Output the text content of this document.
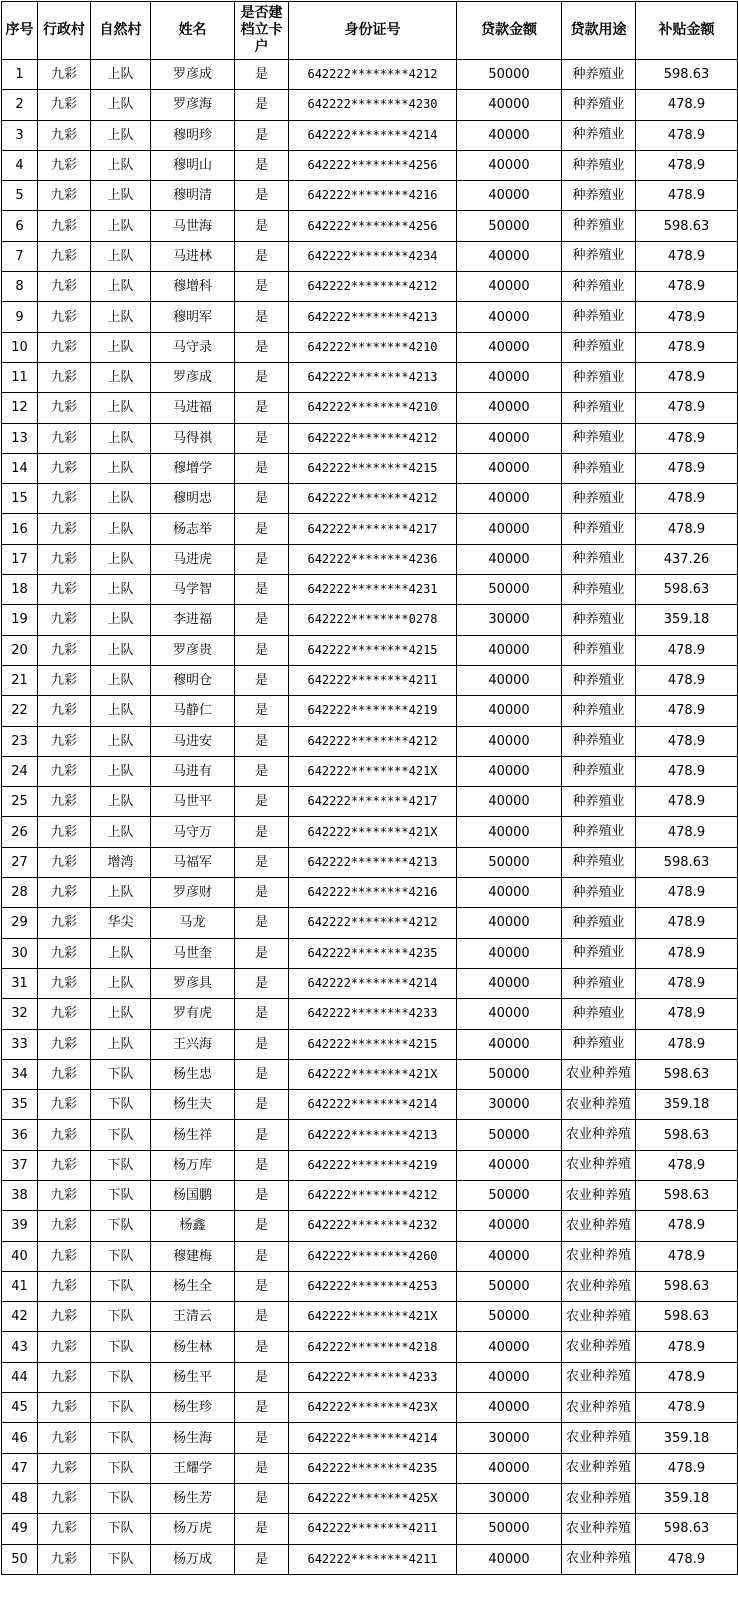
序号	行政村	自然村	姓名	是否建档立卡户	身份证号	贷款金额	贷款用途	补贴金额
1	九彩	上队	罗彦成	是	642222********4212	50000	种养殖业	598.63
2	九彩	上队	罗彦海	是	642222********4230	40000	种养殖业	478.9
3	九彩	上队	穆明珍	是	642222********4214	40000	种养殖业	478.9
4	九彩	上队	穆明山	是	642222********4256	40000	种养殖业	478.9
5	九彩	上队	穆明清	是	642222********4216	40000	种养殖业	478.9
6	九彩	上队	马世海	是	642222********4256	50000	种养殖业	598.63
7	九彩	上队	马进林	是	642222********4234	40000	种养殖业	478.9
8	九彩	上队	穆增科	是	642222********4212	40000	种养殖业	478.9
9	九彩	上队	穆明军	是	642222********4213	40000	种养殖业	478.9
10	九彩	上队	马守录	是	642222********4210	40000	种养殖业	478.9
11	九彩	上队	罗彦成	是	642222********4213	40000	种养殖业	478.9
12	九彩	上队	马进福	是	642222********4210	40000	种养殖业	478.9
13	九彩	上队	马得祺	是	642222********4212	40000	种养殖业	478.9
14	九彩	上队	穆增学	是	642222********4215	40000	种养殖业	478.9
15	九彩	上队	穆明忠	是	642222********4212	40000	种养殖业	478.9
16	九彩	上队	杨志举	是	642222********4217	40000	种养殖业	478.9
17	九彩	上队	马进虎	是	642222********4236	40000	种养殖业	437.26
18	九彩	上队	马学智	是	642222********4231	50000	种养殖业	598.63
19	九彩	上队	李进福	是	642222********0278	30000	种养殖业	359.18
20	九彩	上队	罗彦贵	是	642222********4215	40000	种养殖业	478.9
21	九彩	上队	穆明仓	是	642222********4211	40000	种养殖业	478.9
22	九彩	上队	马静仁	是	642222********4219	40000	种养殖业	478.9
23	九彩	上队	马进安	是	642222********4212	40000	种养殖业	478.9
24	九彩	上队	马进有	是	642222********421X	40000	种养殖业	478.9
25	九彩	上队	马世平	是	642222********4217	40000	种养殖业	478.9
26	九彩	上队	马守万	是	642222********421X	40000	种养殖业	478.9
27	九彩	增湾	马福军	是	642222********4213	50000	种养殖业	598.63
28	九彩	上队	罗彦财	是	642222********4216	40000	种养殖业	478.9
29	九彩	华尖	马龙	是	642222********4212	40000	种养殖业	478.9
30	九彩	上队	马世奎	是	642222********4235	40000	种养殖业	478.9
31	九彩	上队	罗彦具	是	642222********4214	40000	种养殖业	478.9
32	九彩	上队	罗有虎	是	642222********4233	40000	种养殖业	478.9
33	九彩	上队	王兴海	是	642222********4215	40000	种养殖业	478.9
34	九彩	下队	杨生忠	是	642222********421X	50000	农业种养殖	598.63
35	九彩	下队	杨生夫	是	642222********4214	30000	农业种养殖	359.18
36	九彩	下队	杨生祥	是	642222********4213	50000	农业种养殖	598.63
37	九彩	下队	杨万库	是	642222********4219	40000	农业种养殖	478.9
38	九彩	下队	杨国鹏	是	642222********4212	50000	农业种养殖	598.63
39	九彩	下队	杨鑫	是	642222********4232	40000	农业种养殖	478.9
40	九彩	下队	穆建梅	是	642222********4260	40000	农业种养殖	478.9
41	九彩	下队	杨生全	是	642222********4253	50000	农业种养殖	598.63
42	九彩	下队	王清云	是	642222********421X	50000	农业种养殖	598.63
43	九彩	下队	杨生林	是	642222********4218	40000	农业种养殖	478.9
44	九彩	下队	杨生平	是	642222********4233	40000	农业种养殖	478.9
45	九彩	下队	杨生珍	是	642222********423X	40000	农业种养殖	478.9
46	九彩	下队	杨生海	是	642222********4214	30000	农业种养殖	359.18
47	九彩	下队	王耀学	是	642222********4235	40000	农业种养殖	478.9
48	九彩	下队	杨生芳	是	642222********425X	30000	农业种养殖	359.18
49	九彩	下队	杨万虎	是	642222********4211	50000	农业种养殖	598.63
50	九彩	下队	杨万成	是	642222********4211	40000	农业种养殖	478.9
